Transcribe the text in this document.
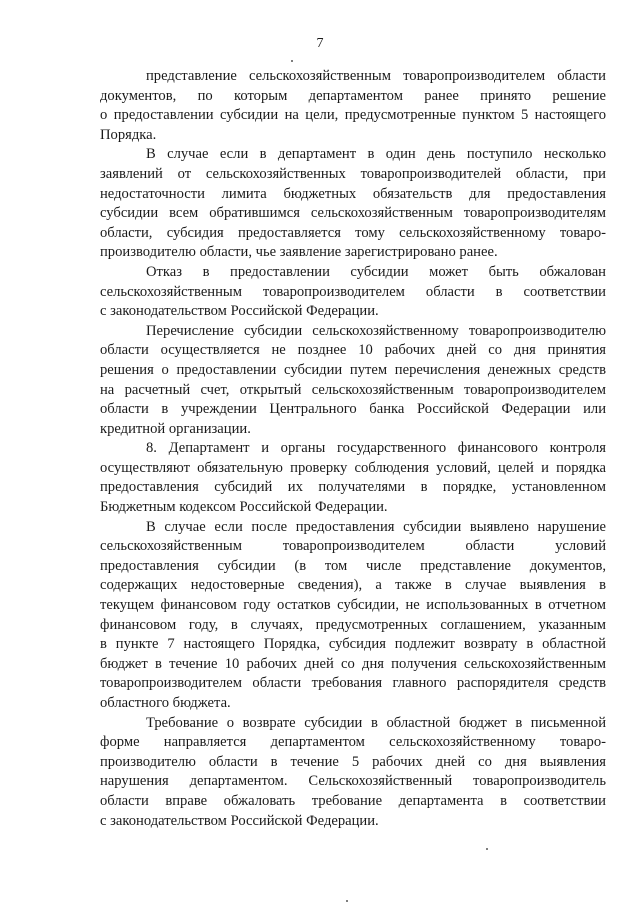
7
представление сельскохозяйственным товаропроизводителем области
документов, по которым департаментом ранее принято решение
о предоставлении субсидии на цели, предусмотренные пунктом 5 настоящего
Порядка.
В случае если в департамент в один день поступило несколько
заявлений от сельскохозяйственных товаропроизводителей области, при
недостаточности лимита бюджетных обязательств для предоставления
субсидии всем обратившимся сельскохозяйственным товаропроизводителям
области, субсидия предоставляется тому сельскохозяйственному товаро-
производителю области, чье заявление зарегистрировано ранее.
Отказ в предоставлении субсидии может быть обжалован
сельскохозяйственным товаропроизводителем области в соответствии
с законодательством Российской Федерации.
Перечисление субсидии сельскохозяйственному товаропроизводителю
области осуществляется не позднее 10 рабочих дней со дня принятия
решения о предоставлении субсидии путем перечисления денежных средств
на расчетный счет, открытый сельскохозяйственным товаропроизводителем
области в учреждении Центрального банка Российской Федерации или
кредитной организации.
8. Департамент и органы государственного финансового контроля
осуществляют обязательную проверку соблюдения условий, целей и порядка
предоставления субсидий их получателями в порядке, установленном
Бюджетным кодексом Российской Федерации.
В случае если после предоставления субсидии выявлено нарушение
сельскохозяйственным товаропроизводителем области условий
предоставления субсидии (в том числе представление документов,
содержащих недостоверные сведения), а также в случае выявления в
текущем финансовом году остатков субсидии, не использованных в отчетном
финансовом году, в случаях, предусмотренных соглашением, указанным
в пункте 7 настоящего Порядка, субсидия подлежит возврату в областной
бюджет в течение 10 рабочих дней со дня получения сельскохозяйственным
товаропроизводителем области требования главного распорядителя средств
областного бюджета.
Требование о возврате субсидии в областной бюджет в письменной
форме направляется департаментом сельскохозяйственному товаро-
производителю области в течение 5 рабочих дней со дня выявления
нарушения департаментом. Сельскохозяйственный товаропроизводитель
области вправе обжаловать требование департамента в соответствии
с законодательством Российской Федерации.
